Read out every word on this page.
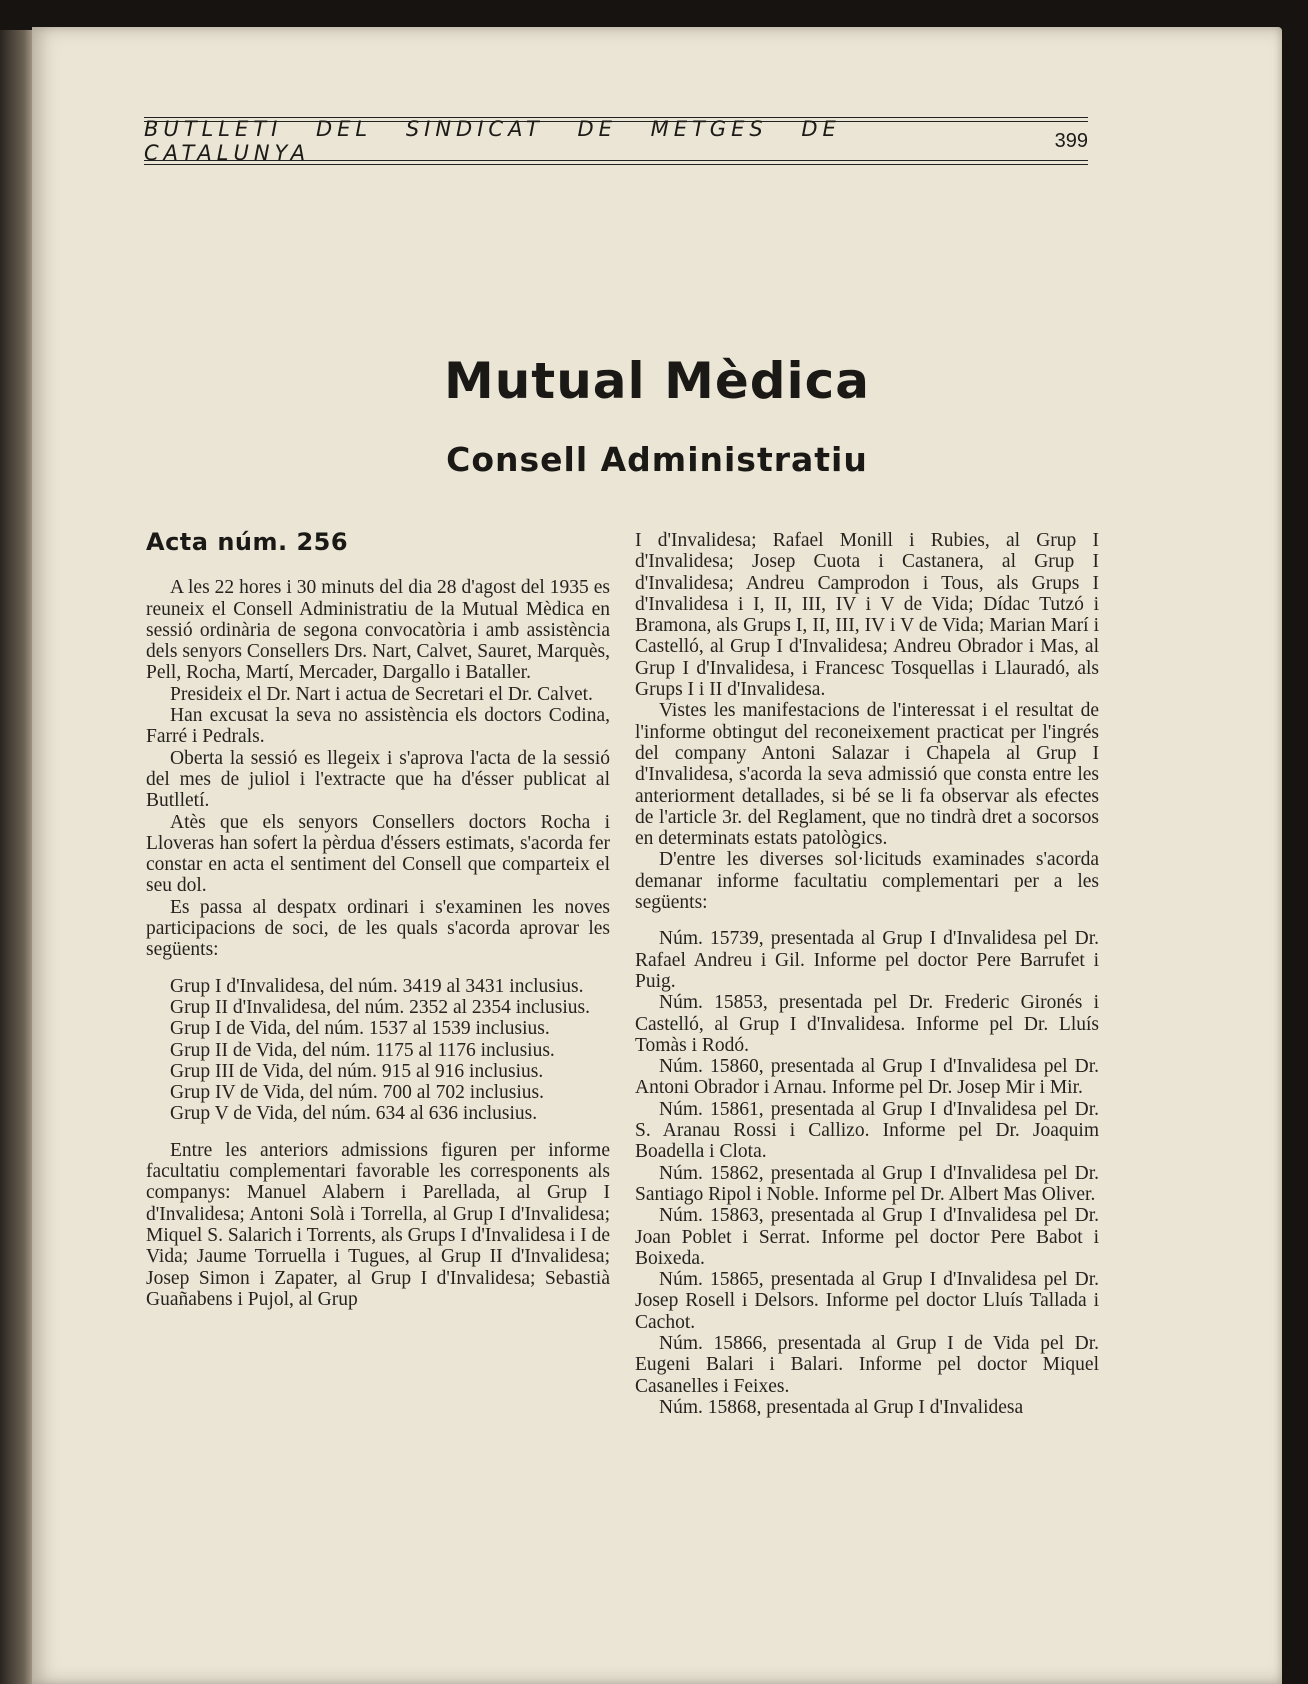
BUTLLETI DEL SINDICAT DE METGES DE CATALUNYA
399
Mutual Mèdica
Consell Administratiu
Acta núm. 256

A les 22 hores i 30 minuts del dia 28 d'agost del 1935 es reuneix el Consell Administratiu de la Mutual Mèdica en sessió ordinària de segona convocatòria i amb assistència dels senyors Consellers Drs. Nart, Calvet, Sauret, Marquès, Pell, Rocha, Martí, Mercader, Dargallo i Bataller.

Presideix el Dr. Nart i actua de Secretari el Dr. Calvet.

Han excusat la seva no assistència els doctors Codina, Farré i Pedrals.

Oberta la sessió es llegeix i s'aprova l'acta de la sessió del mes de juliol i l'extracte que ha d'ésser publicat al Butlletí.

Atès que els senyors Consellers doctors Rocha i Lloveras han sofert la pèrdua d'éssers estimats, s'acorda fer constar en acta el sentiment del Consell que comparteix el seu dol.

Es passa al despatx ordinari i s'examinen les noves participacions de soci, de les quals s'acorda aprovar les següents:

Grup I d'Invalidesa, del núm. 3419 al 3431 inclusius.

Grup II d'Invalidesa, del núm. 2352 al 2354 inclusius.

Grup I de Vida, del núm. 1537 al 1539 inclusius.

Grup II de Vida, del núm. 1175 al 1176 inclusius.

Grup III de Vida, del núm. 915 al 916 inclusius.

Grup IV de Vida, del núm. 700 al 702 inclusius.

Grup V de Vida, del núm. 634 al 636 inclusius.

Entre les anteriors admissions figuren per informe facultatiu complementari favorable les corresponents als companys: Manuel Alabern i Parellada, al Grup I d'Invalidesa; Antoni Solà i Torrella, al Grup I d'Invalidesa; Miquel S. Salarich i Torrents, als Grups I d'Invalidesa i I de Vida; Jaume Torruella i Tugues, al Grup II d'Invalidesa; Josep Simon i Zapater, al Grup I d'Invalidesa; Sebastià Guañabens i Pujol, al Grup

I d'Invalidesa; Rafael Monill i Rubies, al Grup I d'Invalidesa; Josep Cuota i Castanera, al Grup I d'Invalidesa; Andreu Camprodon i Tous, als Grups I d'Invalidesa i I, II, III, IV i V de Vida; Dídac Tutzó i Bramona, als Grups I, II, III, IV i V de Vida; Marian Marí i Castelló, al Grup I d'Invalidesa; Andreu Obrador i Mas, al Grup I d'Invalidesa, i Francesc Tosquellas i Llauradó, als Grups I i II d'Invalidesa.

Vistes les manifestacions de l'interessat i el resultat de l'informe obtingut del reconeixement practicat per l'ingrés del company Antoni Salazar i Chapela al Grup I d'Invalidesa, s'acorda la seva admissió que consta entre les anteriorment detallades, si bé se li fa observar als efectes de l'article 3r. del Reglament, que no tindrà dret a socorsos en determinats estats patològics.

D'entre les diverses sol·licituds examinades s'acorda demanar informe facultatiu complementari per a les següents:

Núm. 15739, presentada al Grup I d'Invalidesa pel Dr. Rafael Andreu i Gil. Informe pel doctor Pere Barrufet i Puig.

Núm. 15853, presentada pel Dr. Frederic Gironés i Castelló, al Grup I d'Invalidesa. Informe pel Dr. Lluís Tomàs i Rodó.

Núm. 15860, presentada al Grup I d'Invalidesa pel Dr. Antoni Obrador i Arnau. Informe pel Dr. Josep Mir i Mir.

Núm. 15861, presentada al Grup I d'Invalidesa pel Dr. S. Aranau Rossi i Callizo. Informe pel Dr. Joaquim Boadella i Clota.

Núm. 15862, presentada al Grup I d'Invalidesa pel Dr. Santiago Ripol i Noble. Informe pel Dr. Albert Mas Oliver.

Núm. 15863, presentada al Grup I d'Invalidesa pel Dr. Joan Poblet i Serrat. Informe pel doctor Pere Babot i Boixeda.

Núm. 15865, presentada al Grup I d'Invalidesa pel Dr. Josep Rosell i Delsors. Informe pel doctor Lluís Tallada i Cachot.

Núm. 15866, presentada al Grup I de Vida pel Dr. Eugeni Balari i Balari. Informe pel doctor Miquel Casanelles i Feixes.

Núm. 15868, presentada al Grup I d'Invalidesa
